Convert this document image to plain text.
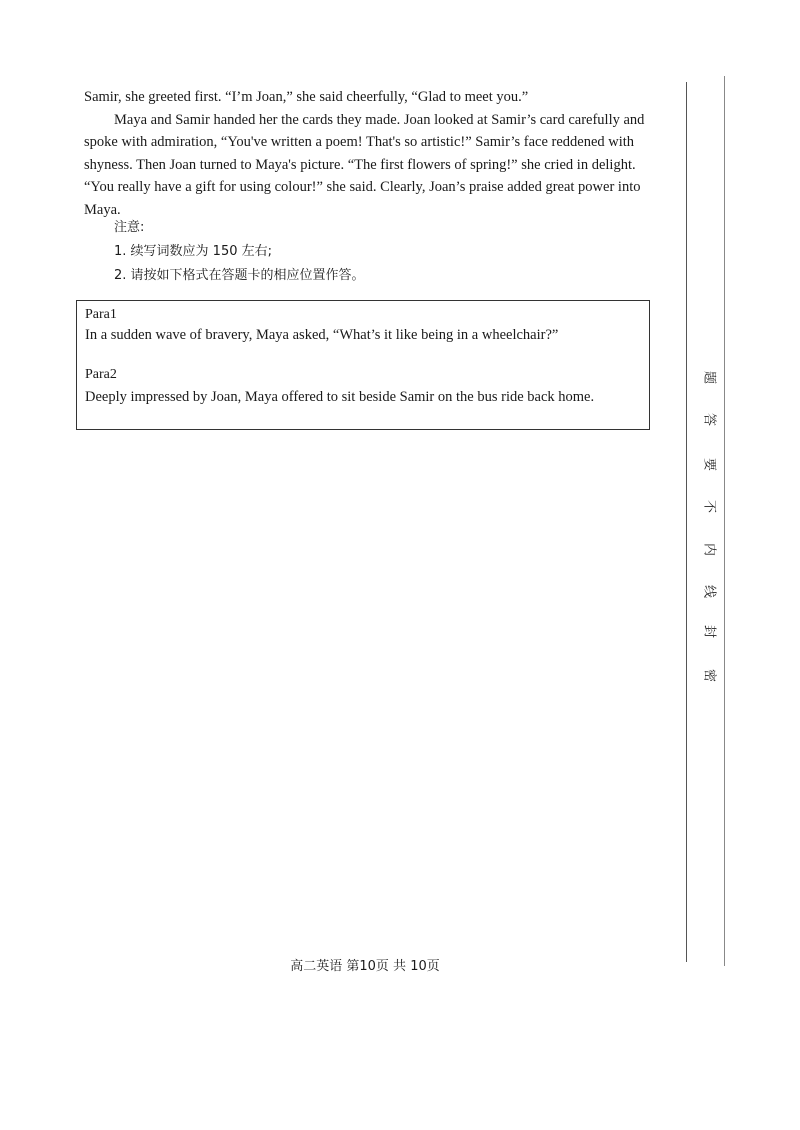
Samir, she greeted first. “I’m Joan,” she said cheerfully, “Glad to meet you.”

Maya and Samir handed her the cards they made. Joan looked at Samir’s card carefully and spoke with admiration, “You've written a poem! That's so artistic!” Samir’s face reddened with shyness. Then Joan turned to Maya's picture. “The first flowers of spring!” she cried in delight. “You really have a gift for using colour!” she said. Clearly, Joan’s praise added great power into Maya.

注意:
1. 续写词数应为 150 左右;
2. 请按如下格式在答题卡的相应位置作答。
Para1
In a sudden wave of bravery, Maya asked, “What’s it like being in a wheelchair?”
Para2
Deeply impressed by Joan, Maya offered to sit beside Samir on the bus ride back home.
题
答
要
不
内
线
封
密
高二英语 第10页 共 10页
